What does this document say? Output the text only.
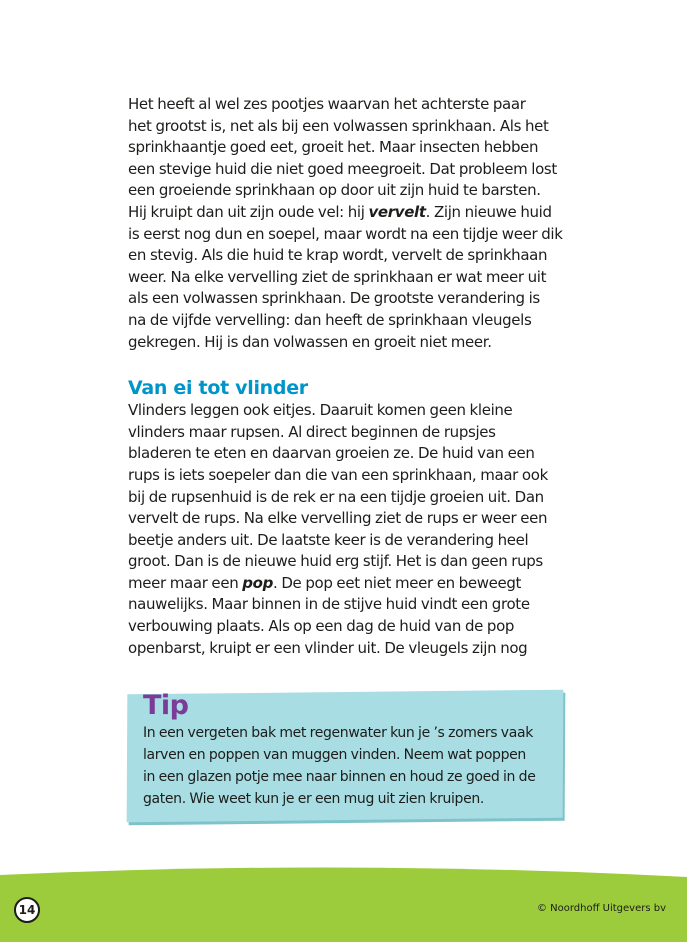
Het heeft al wel zes pootjes waarvan het achterste paar
het grootst is, net als bij een volwassen sprinkhaan. Als het
sprinkhaantje goed eet, groeit het. Maar insecten hebben
een stevige huid die niet goed meegroeit. Dat probleem lost
een groeiende sprinkhaan op door uit zijn huid te barsten.
Hij kruipt dan uit zijn oude vel: hij vervelt. Zijn nieuwe huid
is eerst nog dun en soepel, maar wordt na een tijdje weer dik
en stevig. Als die huid te krap wordt, vervelt de sprinkhaan
weer. Na elke vervelling ziet de sprinkhaan er wat meer uit
als een volwassen sprinkhaan. De grootste verandering is
na de vijfde vervelling: dan heeft de sprinkhaan vleugels
gekregen. Hij is dan volwassen en groeit niet meer.
Van ei tot vlinder
Vlinders leggen ook eitjes. Daaruit komen geen kleine
vlinders maar rupsen. Al direct beginnen de rupsjes
bladeren te eten en daarvan groeien ze. De huid van een
rups is iets soepeler dan die van een sprinkhaan, maar ook
bij de rupsenhuid is de rek er na een tijdje groeien uit. Dan
vervelt de rups. Na elke vervelling ziet de rups er weer een
beetje anders uit. De laatste keer is de verandering heel
groot. Dan is de nieuwe huid erg stijf. Het is dan geen rups
meer maar een pop. De pop eet niet meer en beweegt
nauwelijks. Maar binnen in de stijve huid vindt een grote
verbouwing plaats. Als op een dag de huid van de pop
openbarst, kruipt er een vlinder uit. De vleugels zijn nog
Tip
In een vergeten bak met regenwater kun je ’s zomers vaak
larven en poppen van muggen vinden. Neem wat poppen
in een glazen potje mee naar binnen en houd ze goed in de
gaten. Wie weet kun je er een mug uit zien kruipen.
14	© Noordhoff Uitgevers bv
